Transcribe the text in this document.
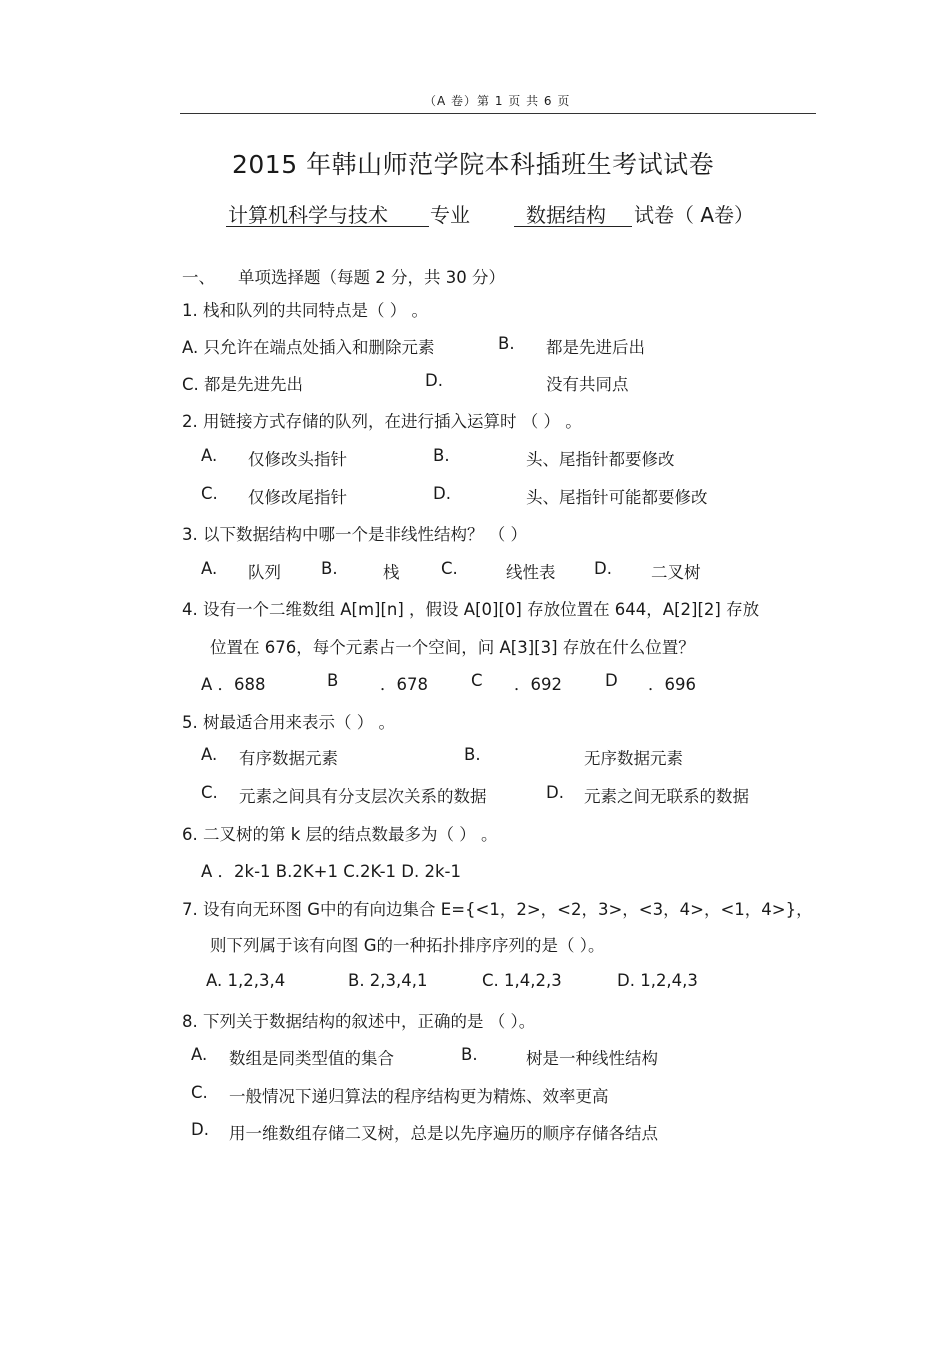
（A 卷）第 1 页 共 6 页
2015 年韩山师范学院本科插班生考试试卷
计算机科学与技术 专业	数据结构 试卷（ A卷）
一、 单项选择题（每题 2 分，共 30 分）
1. 栈和队列的共同特点是（ ） 。
A. 只允许在端点处插入和删除元素	B. 都是先进后出
C. 都是先进先出	D.	没有共同点
2. 用链接方式存储的队列，在进行插入运算时 （ ） 。
A. 仅修改头指针	B.	头、尾指针都要修改
C. 仅修改尾指针	D.	头、尾指针可能都要修改
3. 以下数据结构中哪一个是非线性结构？ （ ）
A. 队列 B.	栈	C.	线性表 D. 二叉树
4. 设有一个二维数组 A[m][n] ，假设 A[0][0] 存放位置在 644，A[2][2] 存放
位置在 676，每个元素占一个空间，问 A[3][3] 存放在什么位置？
A ．688	B	．678	C ．692	D ．696
5. 树最适合用来表示（ ） 。
A. 有序数据元素	B.	无序数据元素
C. 元素之间具有分支层次关系的数据	D. 元素之间无联系的数据
6. 二叉树的第 k 层的结点数最多为（ ） 。
A ．2k-1 B.2K+1 C.2K-1 D. 2k-1
7. 设有向无环图 G中的有向边集合 E={<1，2>，<2，3>，<3，4>，<1，4>}，
则下列属于该有向图 G的一种拓扑排序序列的是（ ）。
A. 1,2,3,4	B. 2,3,4,1	C. 1,4,2,3	D. 1,2,4,3
8. 下列关于数据结构的叙述中，正确的是 （ ）。
A. 数组是同类型值的集合	B.	树是一种线性结构
C. 一般情况下递归算法的程序结构更为精炼、效率更高
D. 用一维数组存储二叉树，总是以先序遍历的顺序存储各结点
